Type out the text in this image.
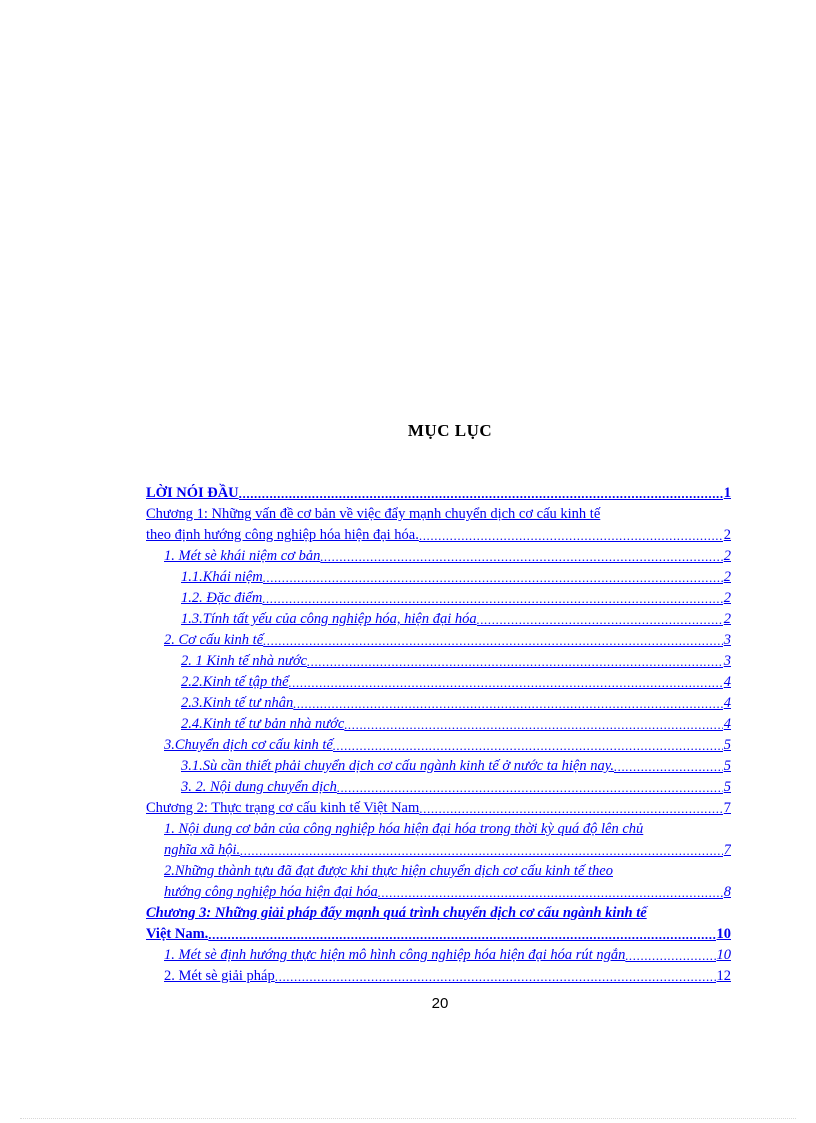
MỤC LỤC
LỜI NÓI ĐẦU .....	1
Chương 1: Những vấn đề cơ bản về việc đẩy mạnh chuyển dịch cơ cấu kinh tế
theo định hướng công nghiệp hóa hiện đại hóa. .....	2
1. Mét sè khái niệm cơ bản .....	2
1.1.Khái niệm .....	2
1.2. Đặc điểm .....	2
1.3.Tính tất yếu của công nghiệp hóa, hiện đại hóa .....	2
2. Cơ cấu kinh tế .....	3
2. 1 Kinh tế nhà nước .....	3
2.2.Kinh tế tập thể .....	4
2.3.Kinh tế tư nhân .....	4
2.4.Kinh tế tư bản nhà nước .....	4
3.Chuyển dịch cơ cấu kinh tế .....	5
3.1.Sù cần thiết phải chuyển dịch cơ cấu ngành kinh tế ở nước ta hiện nay. .....	5
3. 2. Nội dung chuyển dịch .....	5
Chương 2: Thực trạng cơ cấu kinh tế Việt Nam .....	7
1. Nội dung cơ bản của công nghiệp hóa hiện đại hóa trong thời kỳ quá độ lên chủ
nghĩa xã hội. .....	7
2.Những thành tựu đã đạt được khi thực hiện chuyển dịch cơ cấu kinh tế theo
hướng công nghiệp hóa hiện đại hóa .....	8
Chương 3: Những giải pháp đẩy mạnh quá trình chuyển dịch cơ cấu ngành kinh tế
Việt Nam. .....	10
1. Mét sè định hướng thực hiện mô hình công nghiệp hóa hiện đại hóa rút ngắn .....	10
2. Mét sè giải pháp .....	12
20
